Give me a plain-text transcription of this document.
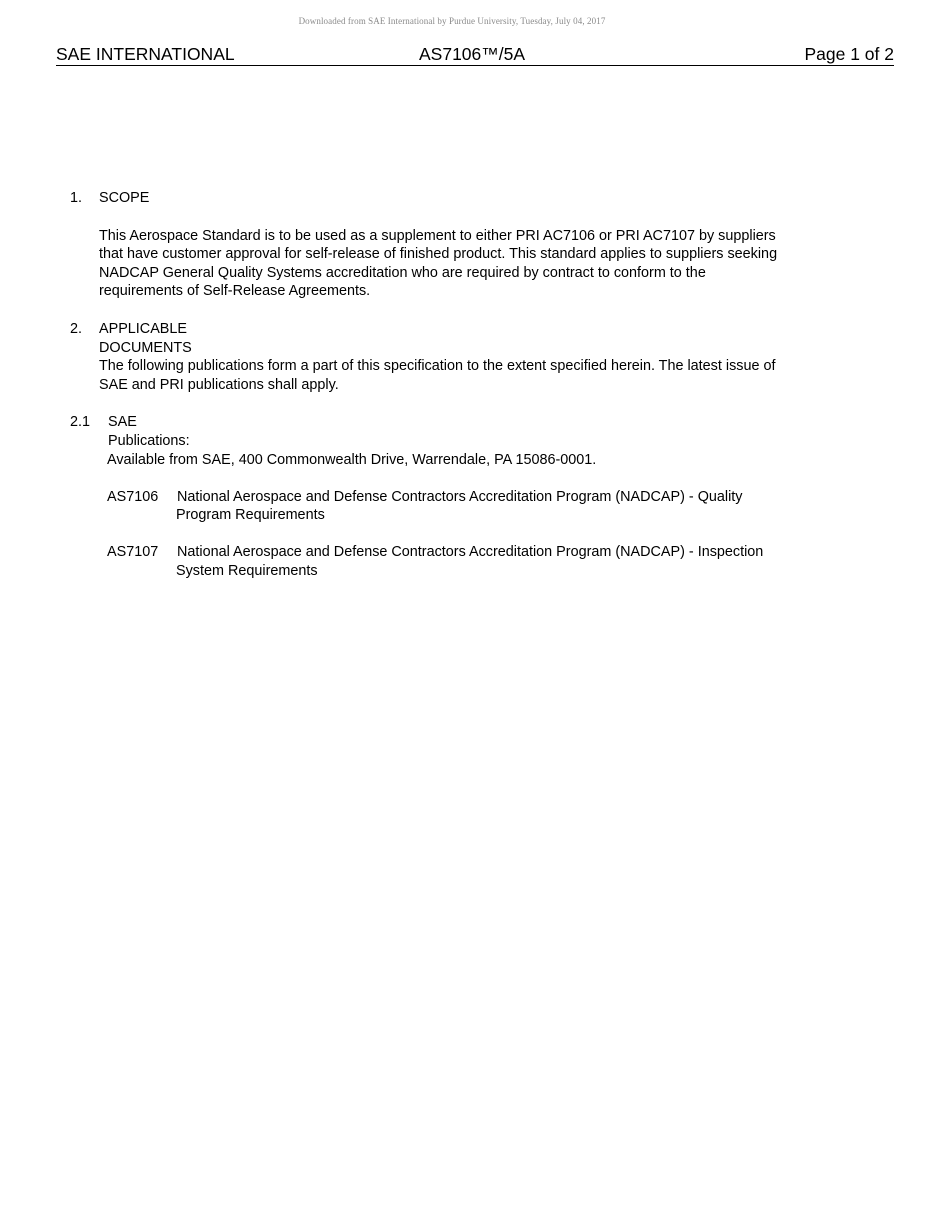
Downloaded from SAE International by Purdue University, Tuesday, July 04, 2017
SAE INTERNATIONAL	AS7106™/5A	Page 1 of 2
1. SCOPE
This Aerospace Standard is to be used as a supplement to either PRI AC7106 or PRI AC7107 by suppliers
that have customer approval for self-release of finished product. This standard applies to suppliers seeking
NADCAP General Quality Systems accreditation who are required by contract to conform to the
requirements of Self-Release Agreements.
2. APPLICABLE DOCUMENTS
The following publications form a part of this specification to the extent specified herein. The latest issue of
SAE and PRI publications shall apply.
2.1 SAE Publications:
Available from SAE, 400 Commonwealth Drive, Warrendale, PA 15086-0001.
AS7106 National Aerospace and Defense Contractors Accreditation Program (NADCAP) - Quality
Program Requirements
AS7107 National Aerospace and Defense Contractors Accreditation Program (NADCAP) - Inspection
System Requirements
